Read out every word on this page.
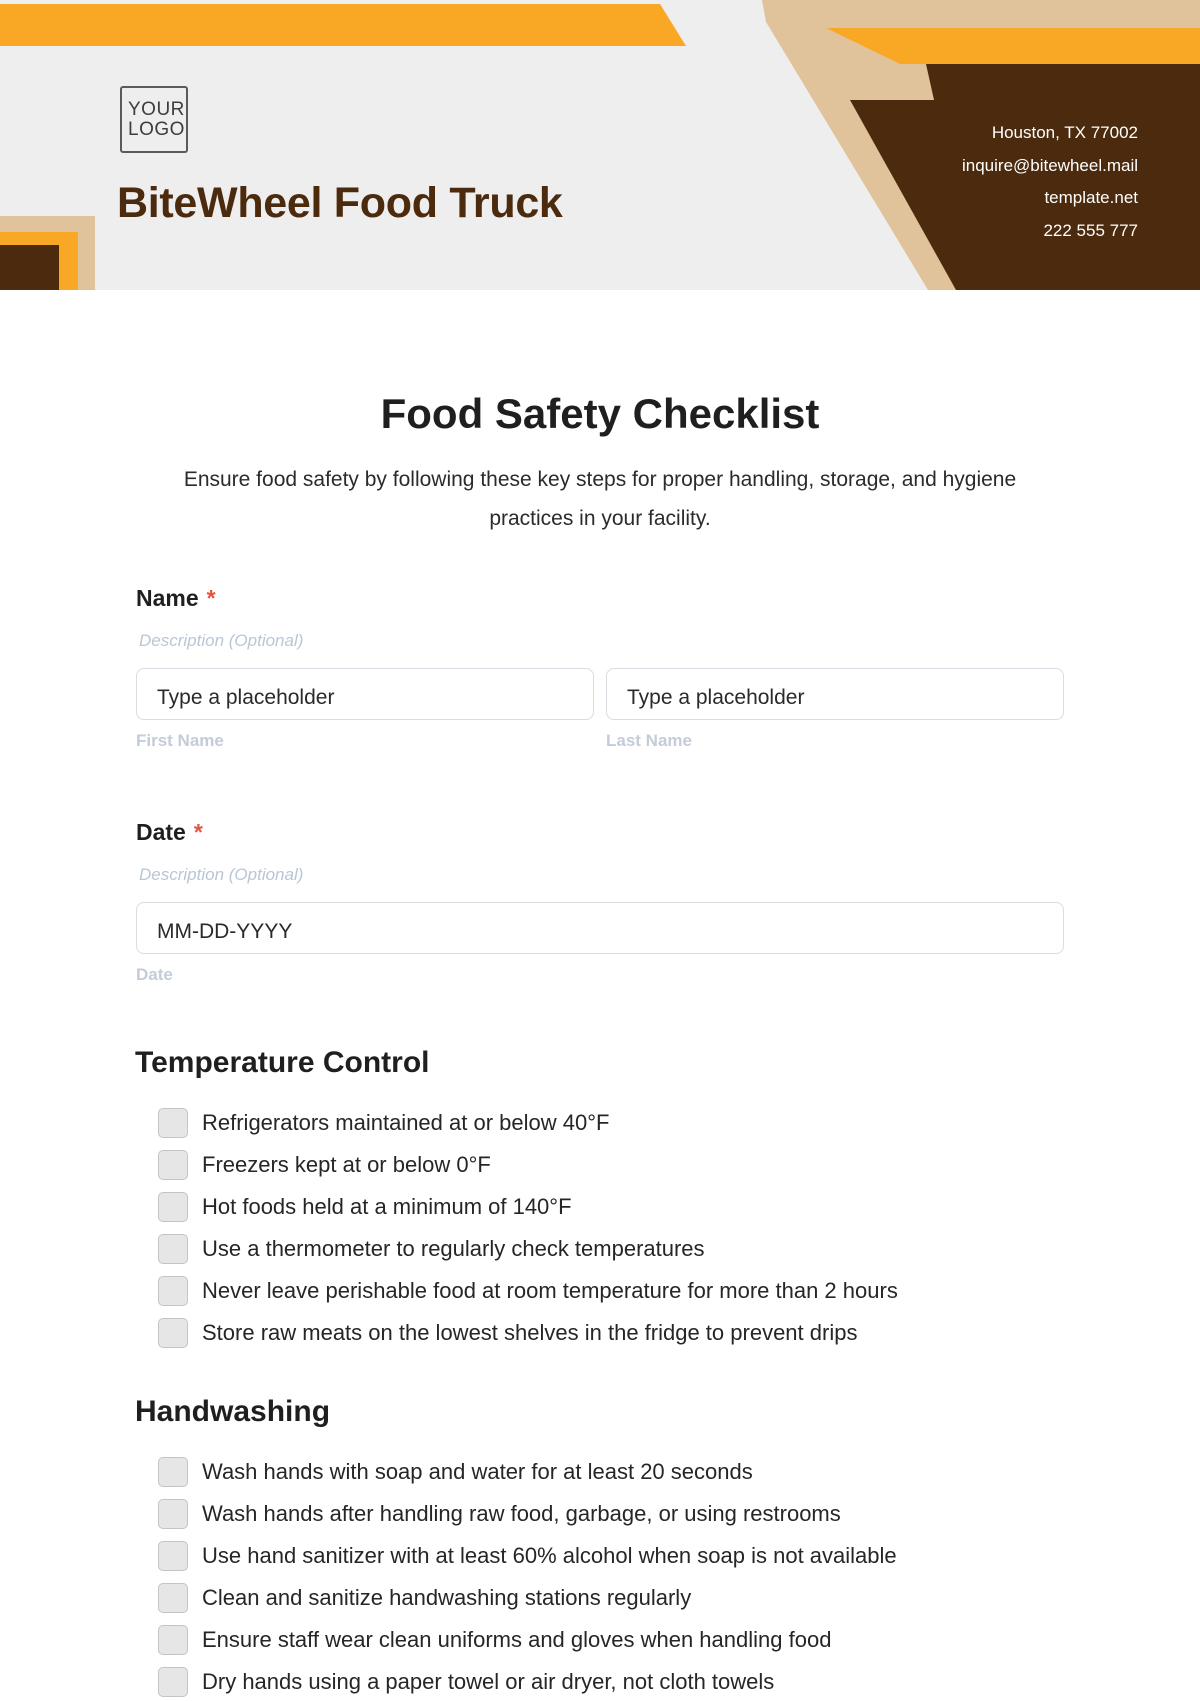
YOUR
LOGO
BiteWheel Food Truck
Houston, TX 77002
inquire@bitewheel.mail
template.net
222 555 777
Food Safety Checklist

Ensure food safety by following these key steps for proper handling, storage, and hygiene practices in your facility.

Name *
Description (Optional)
Type a placeholder	Type a placeholder
First Name	Last Name
Date *
Description (Optional)
MM-DD-YYYY
Date
Temperature Control
Refrigerators maintained at or below 40°F
Freezers kept at or below 0°F
Hot foods held at a minimum of 140°F
Use a thermometer to regularly check temperatures
Never leave perishable food at room temperature for more than 2 hours
Store raw meats on the lowest shelves in the fridge to prevent drips
Handwashing
Wash hands with soap and water for at least 20 seconds
Wash hands after handling raw food, garbage, or using restrooms
Use hand sanitizer with at least 60% alcohol when soap is not available
Clean and sanitize handwashing stations regularly
Ensure staff wear clean uniforms and gloves when handling food
Dry hands using a paper towel or air dryer, not cloth towels
